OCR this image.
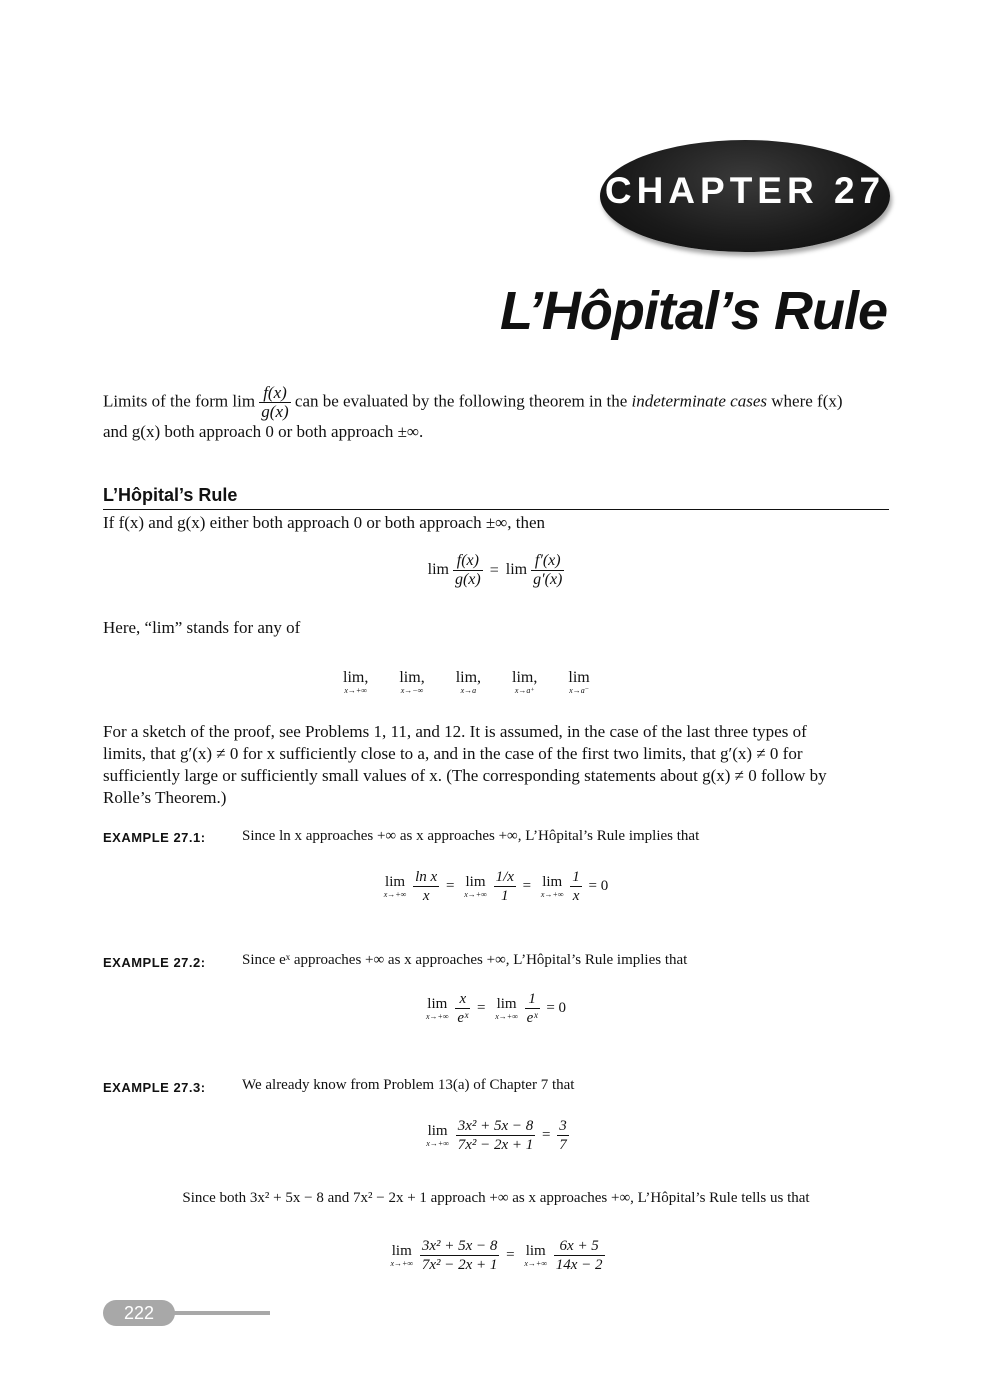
CHAPTER 27
L’Hôpital’s Rule
Limits of the form $\lim \frac{f(x)}{g(x)}$ can be evaluated by the following theorem in the indeterminate cases where f(x)
and g(x) both approach 0 or both approach ±∞.
L’Hôpital’s Rule
If f(x) and g(x) either both approach 0 or both approach ±∞, then
$\lim \frac{f(x)}{g(x)} = \lim \frac{f'(x)}{g'(x)}$
Here, “lim” stands for any of
lim,
x→+∞

lim,
x→−∞

lim,
x→a

lim,
x→a⁺

lim
x→a⁻
For a sketch of the proof, see Problems 1, 11, and 12. It is assumed, in the case of the last three types of
limits, that g′(x) ≠ 0 for x sufficiently close to a, and in the case of the first two limits, that g′(x) ≠ 0 for
sufficiently large or sufficiently small values of x. (The corresponding statements about g(x) ≠ 0 follow by
Rolle’s Theorem.)
EXAMPLE 27.1: Since ln x approaches +∞ as x approaches +∞, L’Hôpital’s Rule implies that
lim
x→+∞
$\frac{\text{ln x}}{x} = \lim$
x→+∞
$\frac{1/x}{1} = \lim$
x→+∞
$\frac{1}{x} = 0$
EXAMPLE 27.2: Since eˣ approaches +∞ as x approaches +∞, L’Hôpital’s Rule implies that
lim
x→+∞
$\frac{x}{\text{eˣ}} = \lim$
x→+∞
$\frac{1}{\text{eˣ}} = 0$
EXAMPLE 27.3: We already know from Problem 13(a) of Chapter 7 that
lim
x→+∞
$\frac{\text{3x² + 5x − 8}}{\text{7x² − 2x + 1}} = \frac{3}{7}$
Since both 3x² + 5x − 8 and 7x² − 2x + 1 approach +∞ as x approaches +∞, L’Hôpital’s Rule tells us that
lim
x→+∞
$\frac{\text{3x² + 5x − 8}}{\text{7x² − 2x + 1}} = \lim$
x→+∞
$\frac{6x + 5}{14x - 2}$
222
